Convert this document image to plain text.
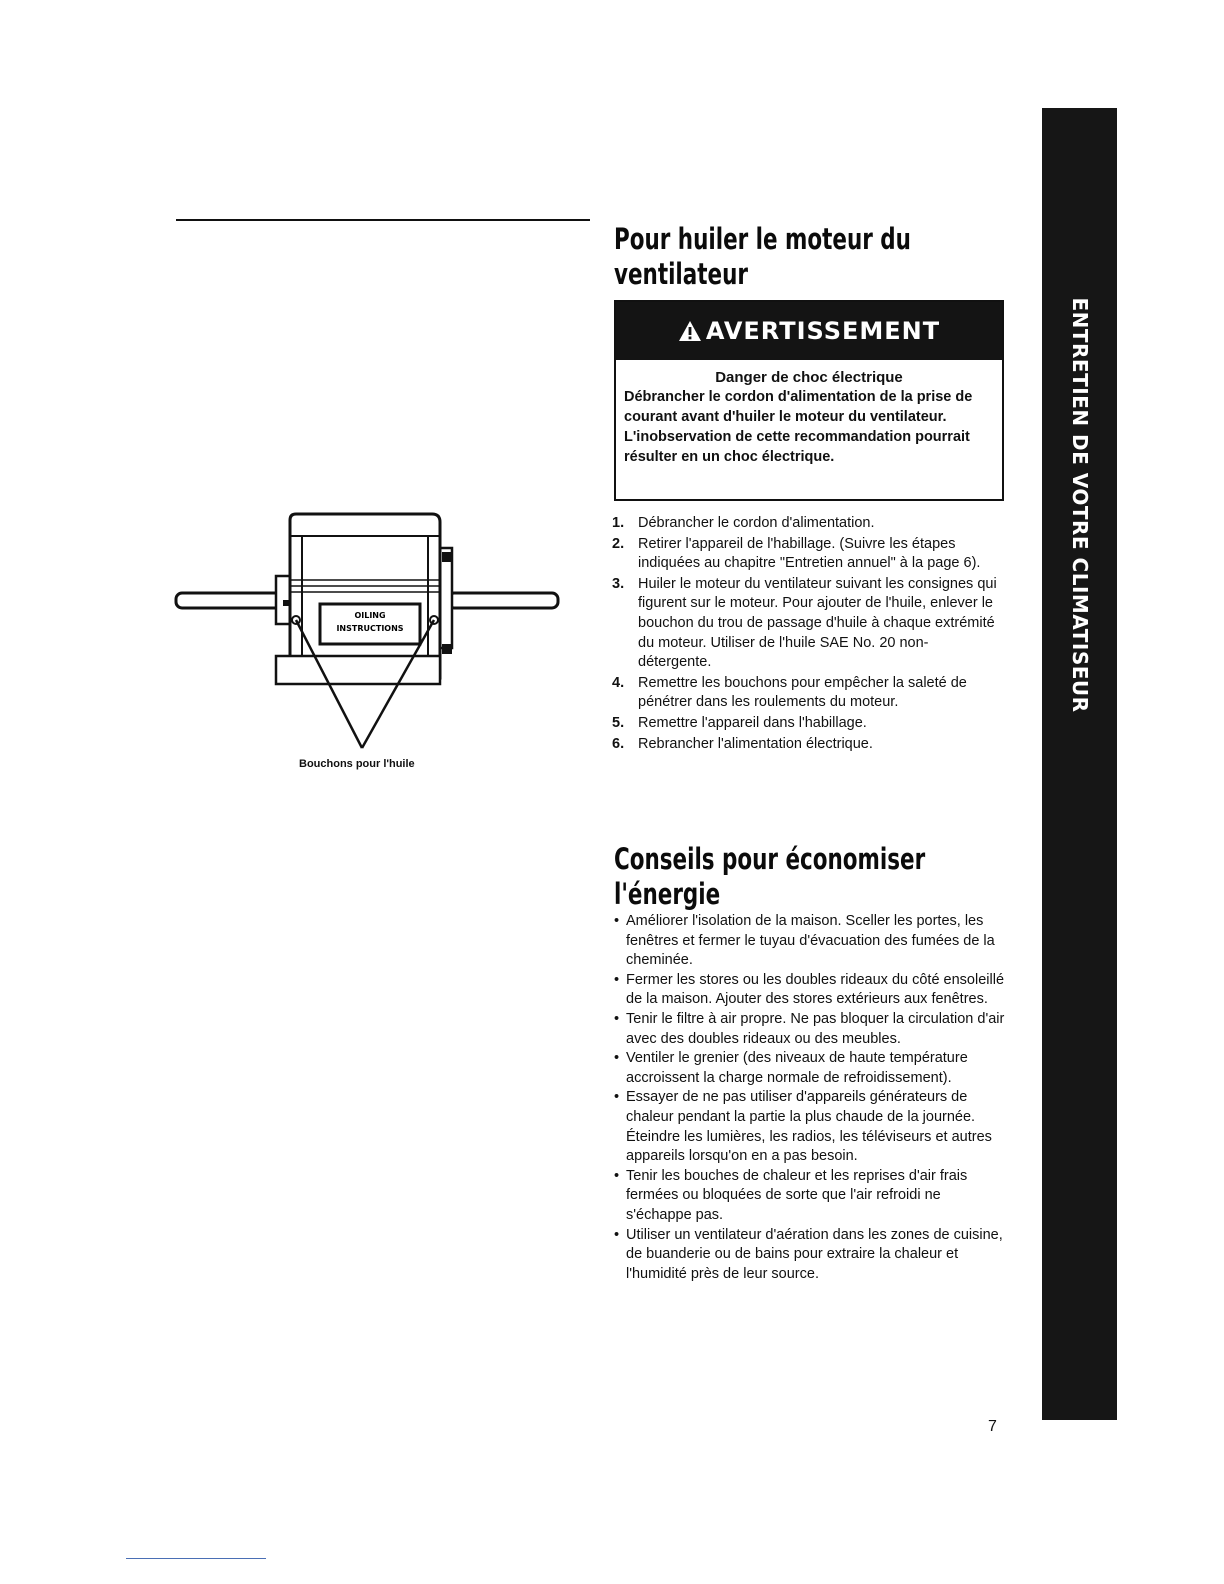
ENTRETIEN DE VOTRE CLIMATISEUR
Pour huiler le moteur du ventilateur
AVERTISSEMENT
Danger de choc électrique
Débrancher le cordon d'alimentation de la prise de courant avant d'huiler le moteur du ventilateur. L'inobservation de cette recommandation pourrait résulter en un choc électrique.
1. Débrancher le cordon d'alimentation.
2. Retirer l'appareil de l'habillage. (Suivre les étapes indiquées au chapitre "Entretien annuel" à la page 6).
3. Huiler le moteur du ventilateur suivant les consignes qui figurent sur le moteur. Pour ajouter de l'huile, enlever le bouchon du trou de passage d'huile à chaque extrémité du moteur. Utiliser de l'huile SAE No. 20 non-détergente.
4. Remettre les bouchons pour empêcher la saleté de pénétrer dans les roulements du moteur.
5. Remettre l'appareil dans l'habillage.
6. Rebrancher l'alimentation électrique.
OILING
INSTRUCTIONS
Bouchons pour l'huile
Conseils pour économiser l'énergie
• Améliorer l'isolation de la maison. Sceller les portes, les fenêtres et fermer le tuyau d'évacuation des fumées de la cheminée.
• Fermer les stores ou les doubles rideaux du côté ensoleillé de la maison. Ajouter des stores extérieurs aux fenêtres.
• Tenir le filtre à air propre. Ne pas bloquer la circulation d'air avec des doubles rideaux ou des meubles.
• Ventiler le grenier (des niveaux de haute température accroissent la charge normale de refroidissement).
• Essayer de ne pas utiliser d'appareils générateurs de chaleur pendant la partie la plus chaude de la journée. Éteindre les lumières, les radios, les téléviseurs et autres appareils lorsqu'on en a pas besoin.
• Tenir les bouches de chaleur et les reprises d'air frais fermées ou bloquées de sorte que l'air refroidi ne s'échappe pas.
• Utiliser un ventilateur d'aération dans les zones de cuisine, de buanderie ou de bains pour extraire la chaleur et l'humidité près de leur source.
7
